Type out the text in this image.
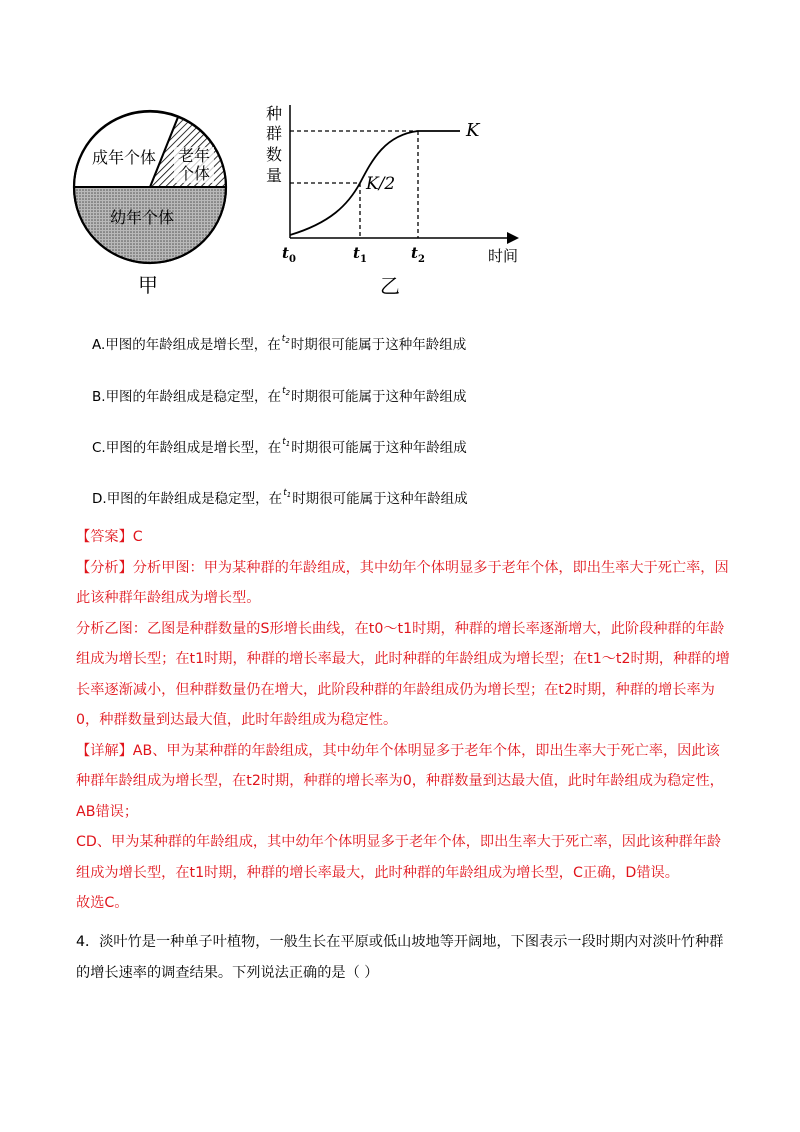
成年个体 老年个体
幼年个体
甲
种
群
数
量
K
K/2
$t_0$	$t_1$	$t_2$	时间
乙
A.甲图的年龄组成是增长型，在$^{t_2}$时期很可能属于这种年龄组成
B.甲图的年龄组成是稳定型，在$^{t_2}$时期很可能属于这种年龄组成
C.甲图的年龄组成是增长型，在$^{t_1}$时期很可能属于这种年龄组成
D.甲图的年龄组成是稳定型，在$^{t_1}$时期很可能属于这种年龄组成

【答案】C

【分析】分析甲图：甲为某种群的年龄组成，其中幼年个体明显多于老年个体，即出生率大于死亡率，因此该种群年龄组成为增长型。

分析乙图：乙图是种群数量的S形增长曲线，在t0～t1时期，种群的增长率逐渐增大，此阶段种群的年龄组成为增长型；在t1时期，种群的增长率最大，此时种群的年龄组成为增长型；在t1～t2时期，种群的增长率逐渐减小，但种群数量仍在增大，此阶段种群的年龄组成仍为增长型；在t2时期，种群的增长率为0，种群数量到达最大值，此时年龄组成为稳定性。

【详解】AB、甲为某种群的年龄组成，其中幼年个体明显多于老年个体，即出生率大于死亡率，因此该种群年龄组成为增长型，在t2时期，种群的增长率为0，种群数量到达最大值，此时年龄组成为稳定性，AB错误；

CD、甲为某种群的年龄组成，其中幼年个体明显多于老年个体，即出生率大于死亡率，因此该种群年龄组成为增长型，在t1时期，种群的增长率最大，此时种群的年龄组成为增长型，C正确，D错误。

故选C。

4．淡叶竹是一种单子叶植物，一般生长在平原或低山坡地等开阔地，下图表示一段时期内对淡叶竹种群的增长速率的调查结果。下列说法正确的是（ ）
